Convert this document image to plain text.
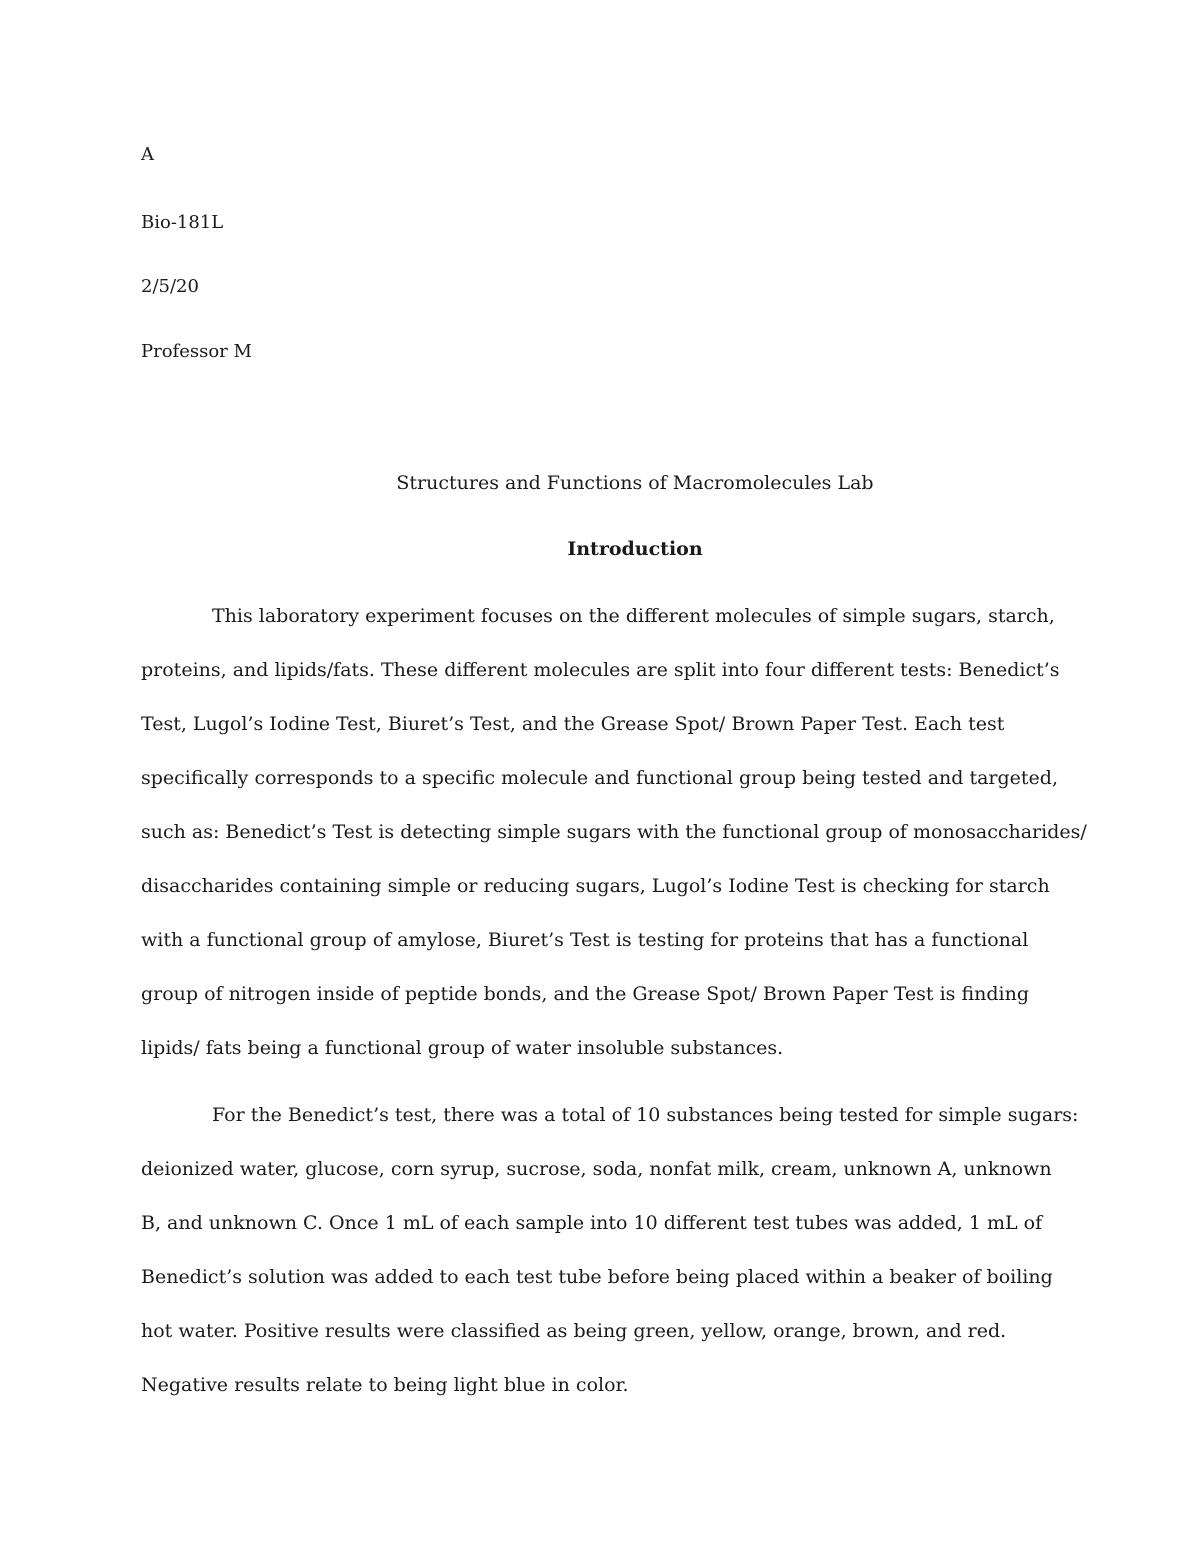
A
Bio-181L
2/5/20
Professor M
Structures and Functions of Macromolecules Lab
Introduction
This laboratory experiment focuses on the different molecules of simple sugars, starch,
proteins, and lipids/fats. These different molecules are split into four different tests: Benedict’s
Test, Lugol’s Iodine Test, Biuret’s Test, and the Grease Spot/ Brown Paper Test. Each test
specifically corresponds to a specific molecule and functional group being tested and targeted,
such as: Benedict’s Test is detecting simple sugars with the functional group of monosaccharides/
disaccharides containing simple or reducing sugars, Lugol’s Iodine Test is checking for starch
with a functional group of amylose, Biuret’s Test is testing for proteins that has a functional
group of nitrogen inside of peptide bonds, and the Grease Spot/ Brown Paper Test is finding
lipids/ fats being a functional group of water insoluble substances.
For the Benedict’s test, there was a total of 10 substances being tested for simple sugars:
deionized water, glucose, corn syrup, sucrose, soda, nonfat milk, cream, unknown A, unknown
B, and unknown C. Once 1 mL of each sample into 10 different test tubes was added, 1 mL of
Benedict’s solution was added to each test tube before being placed within a beaker of boiling
hot water. Positive results were classified as being green, yellow, orange, brown, and red.
Negative results relate to being light blue in color.
